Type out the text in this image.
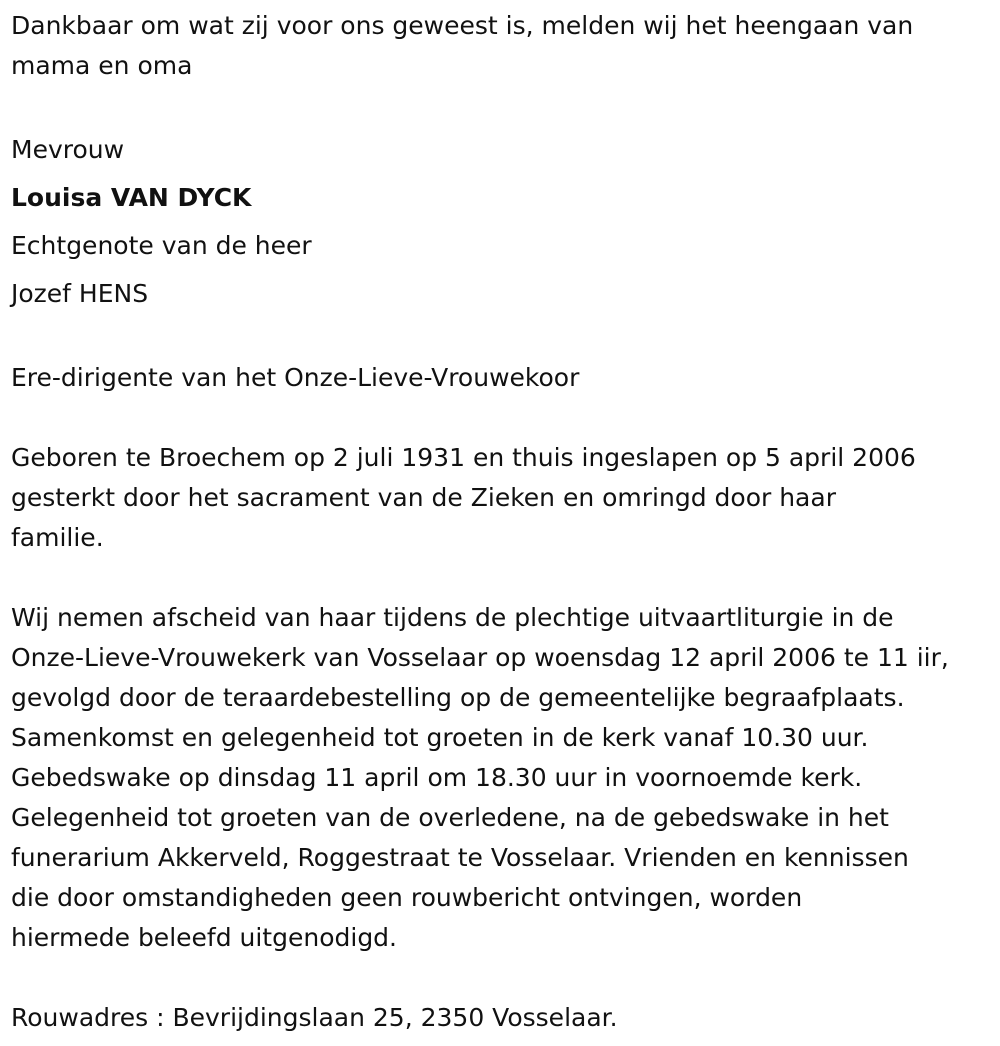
Dankbaar om wat zij voor ons geweest is, melden wij het heengaan van

mama en oma

Mevrouw

Louisa VAN DYCK

Echtgenote van de heer

Jozef HENS

Ere-dirigente van het Onze-Lieve-Vrouwekoor

Geboren te Broechem op 2 juli 1931 en thuis ingeslapen op 5 april 2006

gesterkt door het sacrament van de Zieken en omringd door haar

familie.

Wij nemen afscheid van haar tijdens de plechtige uitvaartliturgie in de

Onze-Lieve-Vrouwekerk van Vosselaar op woensdag 12 april 2006 te 11 iir,

gevolgd door de teraardebestelling op de gemeentelijke begraafplaats.

Samenkomst en gelegenheid tot groeten in de kerk vanaf 10.30 uur.

Gebedswake op dinsdag 11 april om 18.30 uur in voornoemde kerk.

Gelegenheid tot groeten van de overledene, na de gebedswake in het

funerarium Akkerveld, Roggestraat te Vosselaar. Vrienden en kennissen

die door omstandigheden geen rouwbericht ontvingen, worden

hiermede beleefd uitgenodigd.

Rouwadres : Bevrijdingslaan 25, 2350 Vosselaar.
